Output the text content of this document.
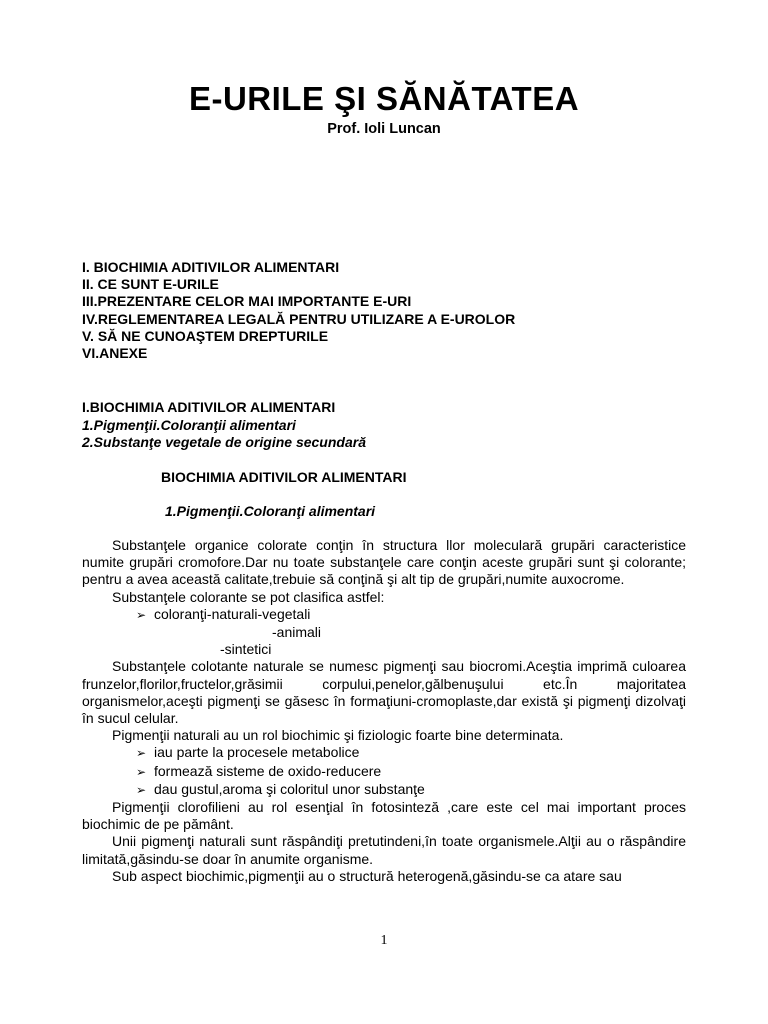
E-URILE ŞI SĂNĂTATEA
Prof. Ioli Luncan
I. BIOCHIMIA ADITIVILOR ALIMENTARI
II. CE SUNT E-URILE
III.PREZENTARE CELOR MAI IMPORTANTE E-URI
IV.REGLEMENTAREA LEGALĂ PENTRU UTILIZARE A E-UROLOR
V. SĂ NE CUNOAŞTEM DREPTURILE
VI.ANEXE
I.BIOCHIMIA ADITIVILOR ALIMENTARI
1.Pigmenţii.Coloranţii alimentari
2.Substanţe vegetale de origine secundară
BIOCHIMIA ADITIVILOR ALIMENTARI
1.Pigmenţii.Coloranţi alimentari

Substanţele organice colorate conţin în structura llor moleculară grupări caracteristice numite grupări cromofore.Dar nu toate substanţele care conţin aceste grupări sunt şi colorante; pentru a avea această calitate,trebuie să conţină şi alt tip de grupări,numite auxocrome.

Substanţele colorante se pot clasifica astfel:

➢ coloranţi-naturali-vegetali
-animali
-sintetici

Substanţele colotante naturale se numesc pigmenţi sau biocromi.Aceştia imprimă culoarea frunzelor,florilor,fructelor,grăsimii corpului,penelor,gălbenuşului etc.În majoritatea organismelor,aceşti pigmenţi se găsesc în formaţiuni-cromoplaste,dar există şi pigmenţi dizolvaţi în sucul celular.

Pigmenţii naturali au un rol biochimic şi fiziologic foarte bine determinata.

➢ iau parte la procesele metabolice
➢ formează sisteme de oxido-reducere
➢ dau gustul,aroma şi coloritul unor substanţe

Pigmenţii clorofilieni au rol esenţial în fotosinteză ,care este cel mai important proces biochimic de pe pământ.

Unii pigmenţi naturali sunt răspândiţi pretutindeni,în toate organismele.Alţii au o răspândire limitată,găsindu-se doar în anumite organisme.

Sub aspect biochimic,pigmenţii au o structură heterogenă,găsindu-se ca atare sau

1
